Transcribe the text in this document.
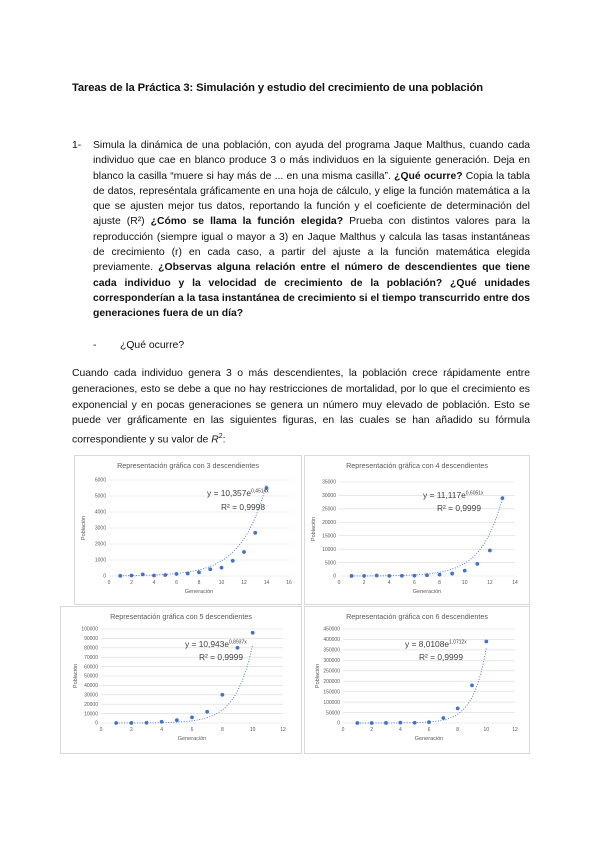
Tareas de la Práctica 3: Simulación y estudio del crecimiento de una población
1- Simula la dinámica de una población, con ayuda del programa Jaque Malthus, cuando cada individuo que cae en blanco produce 3 o más individuos en la siguiente generación. Deja en blanco la casilla “muere si hay más de ... en una misma casilla”. ¿Qué ocurre? Copia la tabla de datos, represéntala gráficamente en una hoja de cálculo, y elige la función matemática a la que se ajusten mejor tus datos, reportando la función y el coeficiente de determinación del ajuste (R²) ¿Cómo se llama la función elegida? Prueba con distintos valores para la reproducción (siempre igual o mayor a 3) en Jaque Malthus y calcula las tasas instantáneas de crecimiento (r) en cada caso, a partir del ajuste a la función matemática elegida previamente. ¿Observas alguna relación entre el número de descendientes que tiene cada individuo y la velocidad de crecimiento de la población? ¿Qué unidades corresponderían a la tasa instantánea de crecimiento si el tiempo transcurrido entre dos generaciones fuera de un día?
- ¿Qué ocurre?
Cuando cada individuo genera 3 o más descendientes, la población crece rápidamente entre generaciones, esto se debe a que no hay restricciones de mortalidad, por lo que el crecimiento es exponencial y en pocas generaciones se genera un número muy elevado de población. Esto se puede ver gráficamente en las siguientes figuras, en las cuales se han añadido su fórmula correspondiente y su valor de $R^2$:
Representación gráfica con 3 descendientes
0
1000
2000
3000
4000
5000
6000
0	2	4	6	8	10	12	14	16
Generación
Población
$y = 10,357e^{0,4514x}$
R² = 0,9998
Representación gráfica con 4 descendientes
0
5000
10000
15000
20000
25000
30000
35000
0	2	4	6	8	10	12	14
Generación
Población
$y = 11,117e^{0,6051x}$
R² = 0,9999
Representación gráfica con 5 descendientes
0
10000
20000
30000
40000
50000
60000
70000
80000
90000
100000
0	2	4	6	8	10	12
Generación
Población
$y = 10,943e^{0,8937x}$
R² = 0,9999
Representación gráfica con 6 descendientes
0
50000
100000
150000
200000
250000
300000
350000
400000
450000
0	2	4	6	8	10	12
Generación
Población
$y = 8,0108e^{1,0712x}$
R² = 0,9999
